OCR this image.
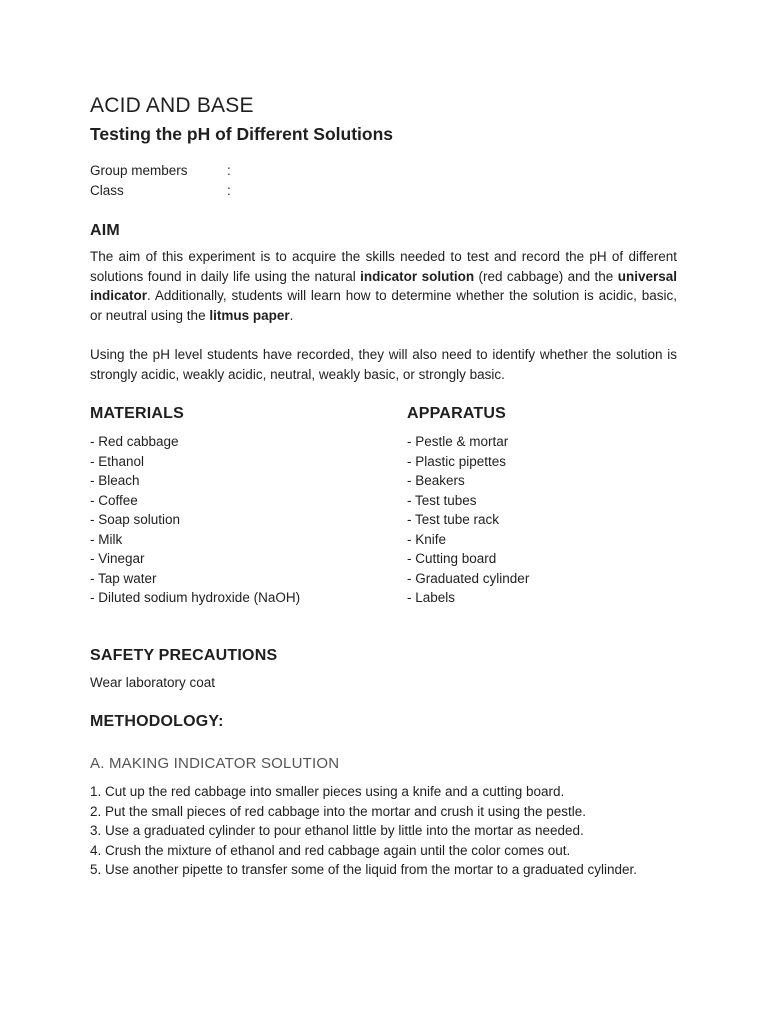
ACID AND BASE
Testing the pH of Different Solutions
Group members	:
Class	:
AIM

The aim of this experiment is to acquire the skills needed to test and record the pH of different solutions found in daily life using the natural indicator solution (red cabbage) and the universal indicator. Additionally, students will learn how to determine whether the solution is acidic, basic, or neutral using the litmus paper.

Using the pH level students have recorded, they will also need to identify whether the solution is strongly acidic, weakly acidic, neutral, weakly basic, or strongly basic.

MATERIALS
- Red cabbage
- Ethanol
- Bleach
- Coffee
- Soap solution
- Milk
- Vinegar
- Tap water
- Diluted sodium hydroxide (NaOH)
APPARATUS
- Pestle & mortar
- Plastic pipettes
- Beakers
- Test tubes
- Test tube rack
- Knife
- Cutting board
- Graduated cylinder
- Labels
SAFETY PRECAUTIONS
Wear laboratory coat
METHODOLOGY:
A. MAKING INDICATOR SOLUTION
1. Cut up the red cabbage into smaller pieces using a knife and a cutting board.
2. Put the small pieces of red cabbage into the mortar and crush it using the pestle.
3. Use a graduated cylinder to pour ethanol little by little into the mortar as needed.
4. Crush the mixture of ethanol and red cabbage again until the color comes out.
5. Use another pipette to transfer some of the liquid from the mortar to a graduated cylinder.
